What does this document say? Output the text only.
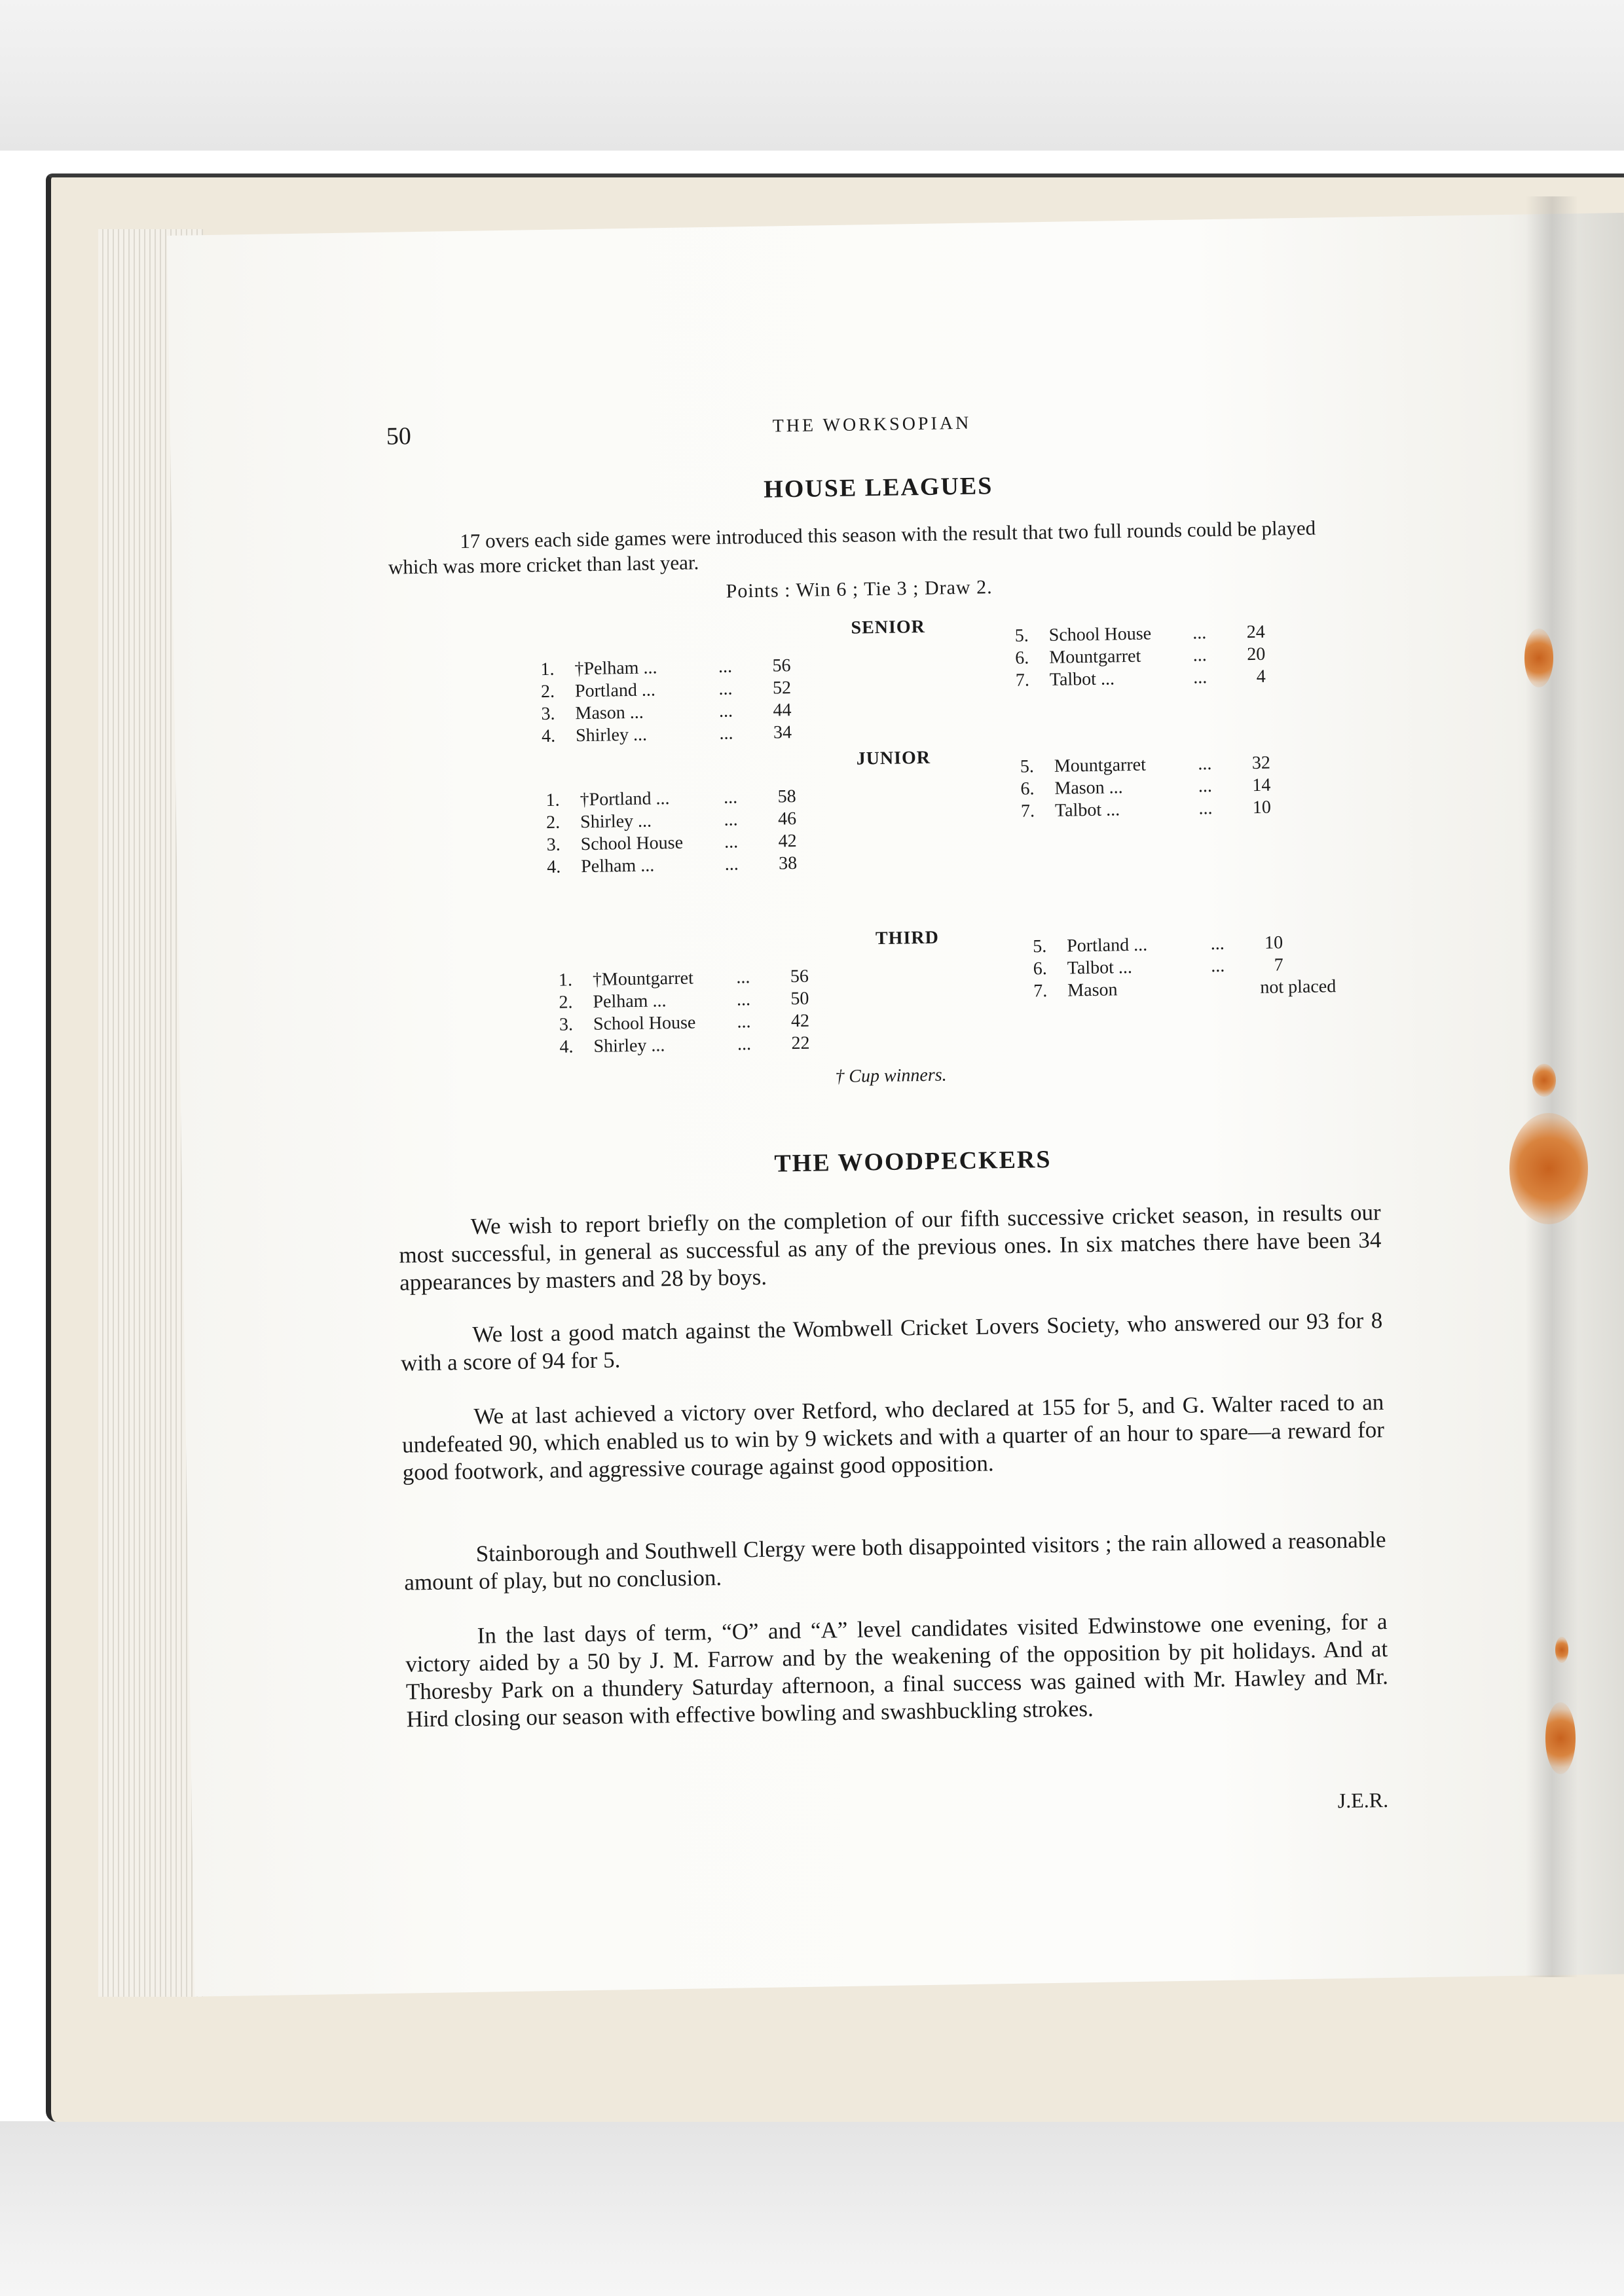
50	THE WORKSOPIAN
HOUSE LEAGUES
17 overs each side games were introduced this season with the result that two full rounds could be played which was more cricket than last year.
Points : Win 6 ; Tie 3 ; Draw 2.
SENIOR
1. †Pelham ...	... 56
2. Portland ...	... 52
3. Mason ...	... 44
4. Shirley ...	... 34
5. School House ... 24
6. Mountgarret	... 20
7. Talbot ...	...	4
JUNIOR
1. †Portland ...	... 58
2. Shirley ...	... 46
3. School House ... 42
4. Pelham ...	... 38
5. Mountgarret	... 32
6. Mason ...	... 14
7. Talbot ...	... 10
THIRD
1. †Mountgarret ... 56
2. Pelham ...	... 50
3. School House ... 42
4. Shirley ...	... 22
5. Portland ...	... 10
6. Talbot ...	...	7
7. Mason	not placed
† Cup winners.
THE WOODPECKERS
We wish to report briefly on the completion of our fifth successive cricket season, in results our most successful, in general as successful as any of the previous ones. In six matches there have been 34 appearances by masters and 28 by boys.
We lost a good match against the Wombwell Cricket Lovers Society, who answered our 93 for 8 with a score of 94 for 5.
We at last achieved a victory over Retford, who declared at 155 for 5, and G. Walter raced to an undefeated 90, which enabled us to win by 9 wickets and with a quarter of an hour to spare—a reward for good footwork, and aggressive courage against good opposition.
Stainborough and Southwell Clergy were both disappointed visitors ; the rain allowed a reasonable amount of play, but no conclusion.
In the last days of term, “O” and “A” level candidates visited Edwinstowe one evening, for a victory aided by a 50 by J. M. Farrow and by the weakening of the opposition by pit holidays. And at Thoresby Park on a thundery Saturday afternoon, a final success was gained with Mr. Hawley and Mr. Hird closing our season with effective bowling and swashbuckling strokes.
J.E.R.
